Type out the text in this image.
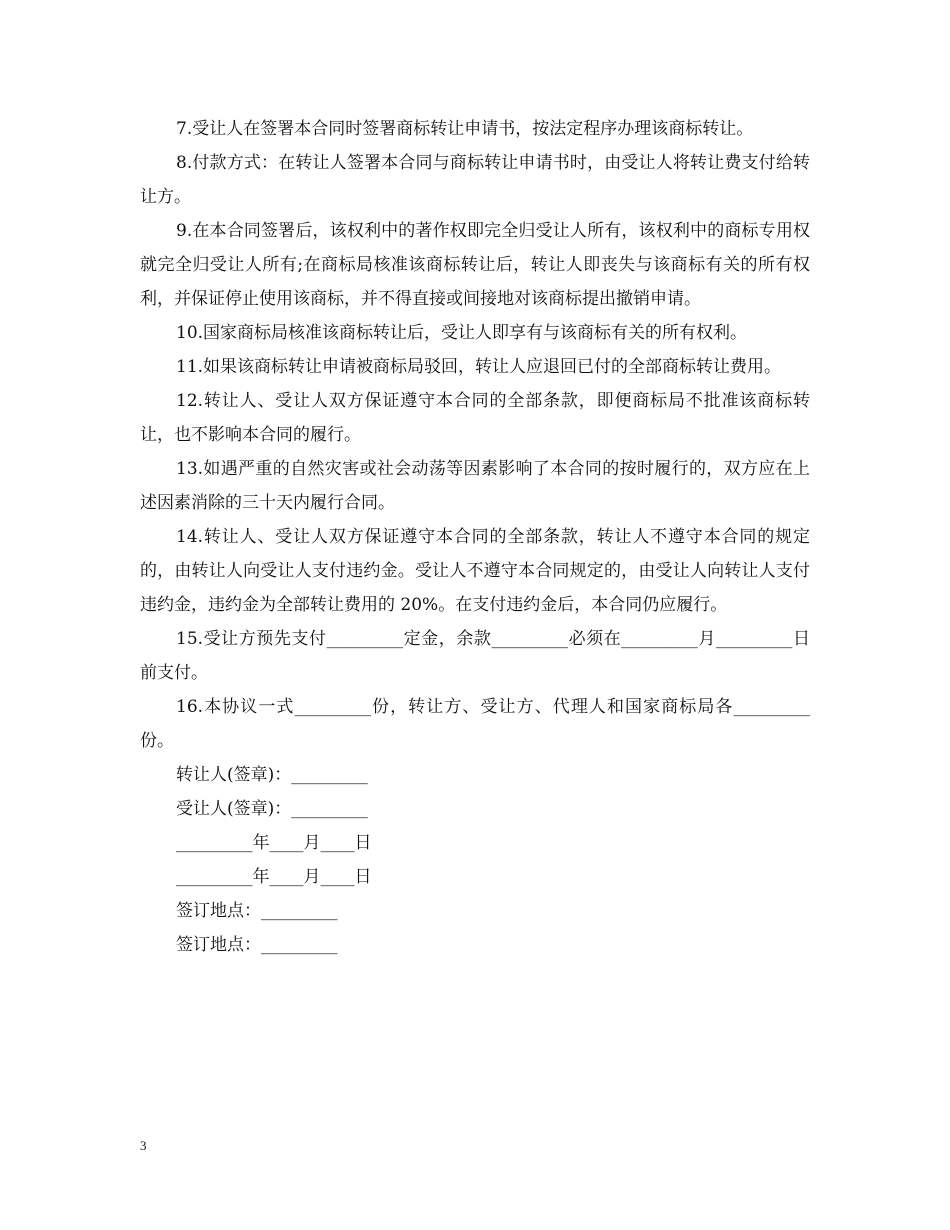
7.受让人在签署本合同时签署商标转让申请书，按法定程序办理该商标转让。

8.付款方式：在转让人签署本合同与商标转让申请书时，由受让人将转让费支付给转让方。

9.在本合同签署后，该权利中的著作权即完全归受让人所有，该权利中的商标专用权就完全归受让人所有;在商标局核准该商标转让后，转让人即丧失与该商标有关的所有权利，并保证停止使用该商标，并不得直接或间接地对该商标提出撤销申请。

10.国家商标局核准该商标转让后，受让人即享有与该商标有关的所有权利。

11.如果该商标转让申请被商标局驳回，转让人应退回已付的全部商标转让费用。

12.转让人、受让人双方保证遵守本合同的全部条款，即便商标局不批准该商标转让，也不影响本合同的履行。

13.如遇严重的自然灾害或社会动荡等因素影响了本合同的按时履行的，双方应在上述因素消除的三十天内履行合同。

14.转让人、受让人双方保证遵守本合同的全部条款，转让人不遵守本合同的规定的，由转让人向受让人支付违约金。受让人不遵守本合同规定的，由受让人向转让人支付违约金，违约金为全部转让费用的 20%。在支付违约金后，本合同仍应履行。

15.受让方预先支付_________定金，余款_________必须在_________月_________日前支付。

16.本协议一式_________份，转让方、受让方、代理人和国家商标局各_________份。

转让人(签章)：_________

受让人(签章)：_________

_________年____月____日

_________年____月____日

签订地点：_________

签订地点：_________

3
